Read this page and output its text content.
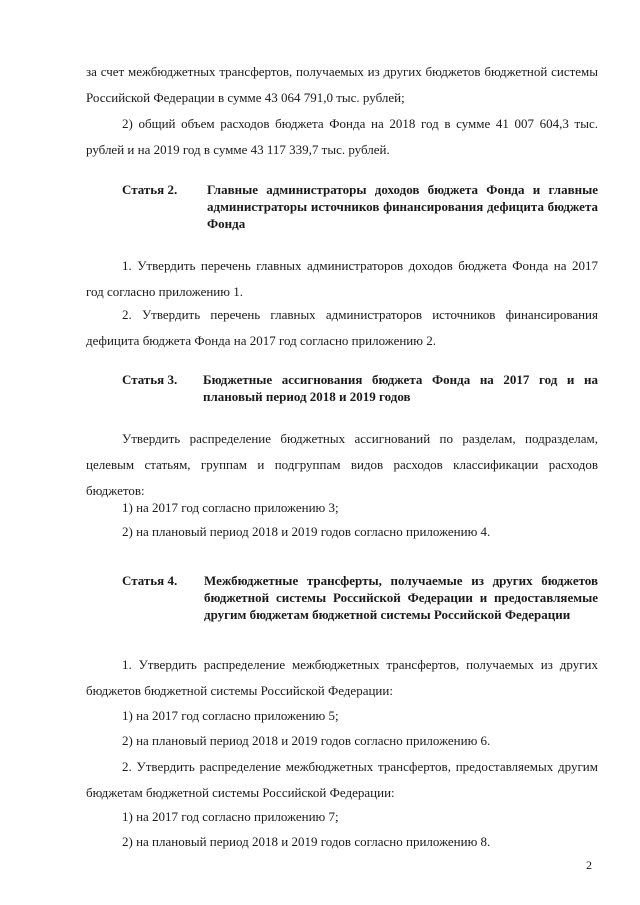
за счет межбюджетных трансфертов, получаемых из других бюджетов бюджетной системы Российской Федерации в сумме 43 064 791,0 тыс. рублей;

2) общий объем расходов бюджета Фонда на 2018 год в сумме 41 007 604,3 тыс. рублей и на 2019 год в сумме 43 117 339,7 тыс. рублей.

Статья 2. Главные администраторы доходов бюджета Фонда и главные администраторы источников финансирования дефицита бюджета Фонда

1. Утвердить перечень главных администраторов доходов бюджета Фонда на 2017 год согласно приложению 1.

2. Утвердить перечень главных администраторов источников финансирования дефицита бюджета Фонда на 2017 год согласно приложению 2.

Статья 3. Бюджетные ассигнования бюджета Фонда на 2017 год и на плановый период 2018 и 2019 годов

Утвердить распределение бюджетных ассигнований по разделам, подразделам, целевым статьям, группам и подгруппам видов расходов классификации расходов бюджетов:

1) на 2017 год согласно приложению 3;

2) на плановый период 2018 и 2019 годов согласно приложению 4.

Статья 4. Межбюджетные трансферты, получаемые из других бюджетов бюджетной системы Российской Федерации и предоставляемые другим бюджетам бюджетной системы Российской Федерации

1. Утвердить распределение межбюджетных трансфертов, получаемых из других бюджетов бюджетной системы Российской Федерации:

1) на 2017 год согласно приложению 5;

2) на плановый период 2018 и 2019 годов согласно приложению 6.

2. Утвердить распределение межбюджетных трансфертов, предоставляемых другим бюджетам бюджетной системы Российской Федерации:

1) на 2017 год согласно приложению 7;

2) на плановый период 2018 и 2019 годов согласно приложению 8.

2
